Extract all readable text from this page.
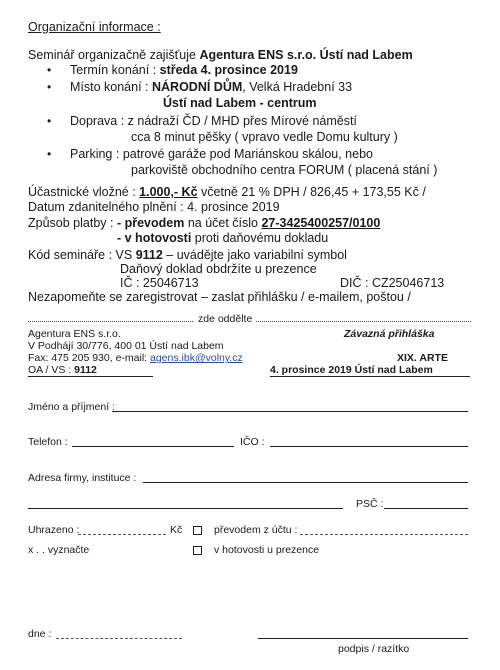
Organizační informace :
Seminář organizačně zajišťuje Agentura ENS s.r.o. Ústí nad Labem
• Termín konání : středa 4. prosince 2019
• Místo konání : NÁRODNÍ DŮM, Velká Hradební 33
Ústí nad Labem - centrum
• Doprava : z nádraží ČD / MHD přes Mírové náměstí
cca 8 minut pěšky ( vpravo vedle Domu kultury )
• Parking : patrové garáže pod Mariánskou skálou, nebo
parkoviště obchodního centra FORUM ( placená stání )
Účastnické vložné : 1.000,- Kč včetně 21 % DPH / 826,45 + 173,55 Kč /
Datum zdanitelného plnění : 4. prosince 2019
Způsob platby : - převodem na účet číslo 27-3425400257/0100
- v hotovosti proti daňovému dokladu
Kód semináře : VS 9112 – uvádějte jako variabilní symbol
Daňový doklad obdržíte u prezence
IČ : 25046713	DIČ : CZ25046713
Nezapomeňte se zaregistrovat – zaslat přihlášku / e-mailem, poštou /
zde oddělte
Agentura ENS s.r.o.	Závazná přihláška
V Podhájí 30/776, 400 01 Ústí nad Labem
Fax: 475 205 930, e-mail: agens.ibk@volny.cz	XIX. ARTE
OA / VS : 9112	4. prosince 2019 Ústí nad Labem
Jméno a příjmení :
Telefon :	IČO :
Adresa firmy, instituce :
PSČ :
Uhrazeno :	Kč	převodem z účtu :
x . . vyznačte	v hotovosti u prezence
dne :
podpis / razítko
